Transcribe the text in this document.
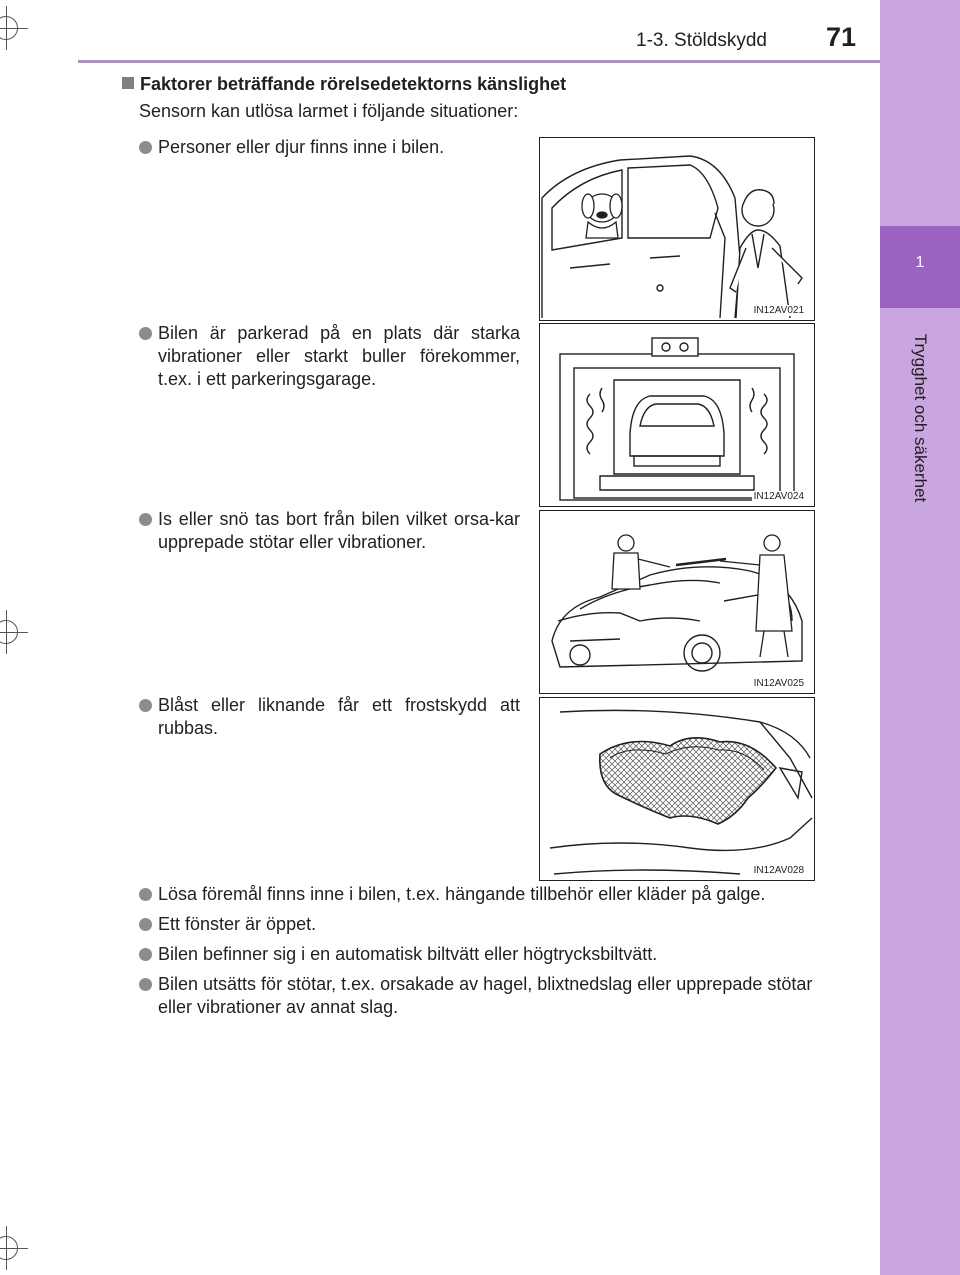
1-3. Stöldskydd 71
1
Trygghet och säkerhet
Faktorer beträffande rörelsedetektorns känslighet
Sensorn kan utlösa larmet i följande situationer:
Personer eller djur finns inne i bilen.
Bilen är parkerad på en plats där starka vibrationer eller starkt buller förekommer, t.ex. i ett parkeringsgarage.
Is eller snö tas bort från bilen vilket orsa-kar upprepade stötar eller vibrationer.
Blåst eller liknande får ett frostskydd att rubbas.
IN12AV021
IN12AV024
IN12AV025
IN12AV028
Lösa föremål finns inne i bilen, t.ex. hängande tillbehör eller kläder på galge.
Ett fönster är öppet.
Bilen befinner sig i en automatisk biltvätt eller högtrycksbiltvätt.
Bilen utsätts för stötar, t.ex. orsakade av hagel, blixtnedslag eller upprepade stötar eller vibrationer av annat slag.
